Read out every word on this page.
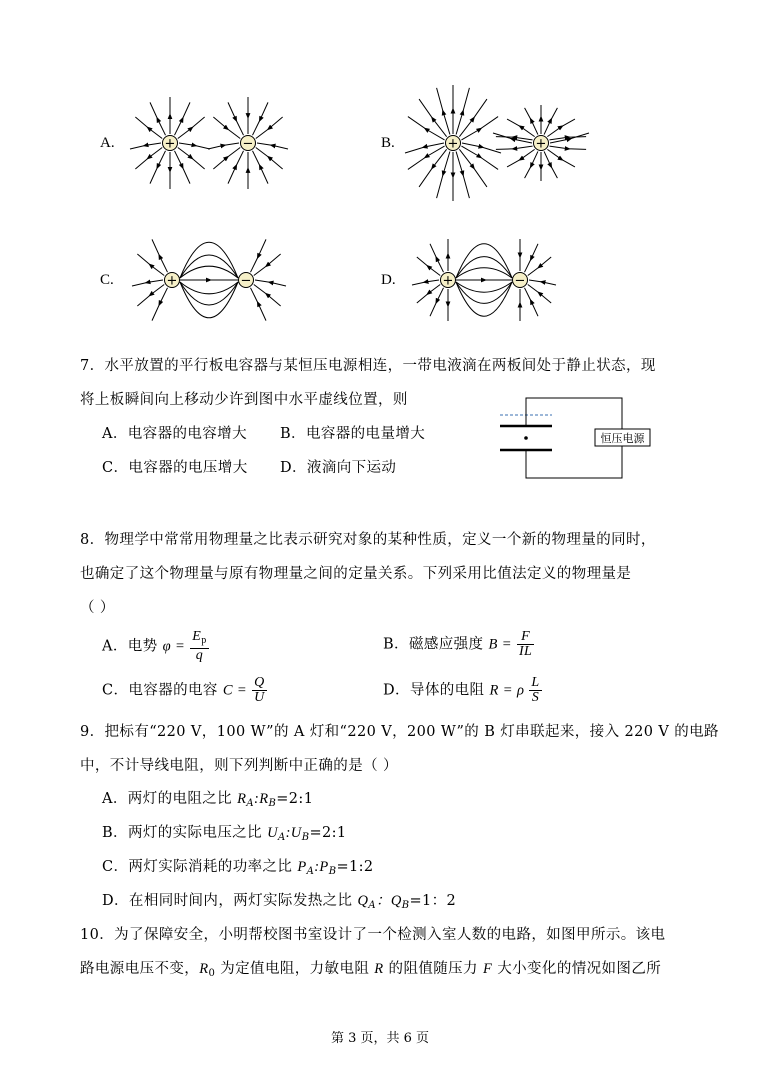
A.	B.
C.	D.
+	−	+	+
+	−	+	−
7．水平放置的平行板电容器与某恒压电源相连，一带电液滴在两板间处于静止状态，现
将上板瞬间向上移动少许到图中水平虚线位置，则
A．电容器的电容增大 B．电容器的电量增大
C．电容器的电压增大 D．液滴向下运动
恒压电源
8．物理学中常常用物理量之比表示研究对象的某种性质，定义一个新的物理量的同时，
也确定了这个物理量与原有物理量之间的定量关系。下列采用比值法定义的物理量是
（ ）
A．电势 $\varphi = \frac{E_p}{q}$	B．磁感应强度 $B = \frac{F}{IL}$
C．电容器的电容 $C = \frac{Q}{U}$	D．导体的电阻 R = ρ $\frac{L}{S}$
9．把标有“220 V，100 W”的 A 灯和“220 V，200 W”的 B 灯串联起来，接入 220 V 的电路
中，不计导线电阻，则下列判断中正确的是（ ）
A．两灯的电阻之比 $R_A:R_B=2:1$
B．两灯的实际电压之比 $U_A:U_B=2:1$
C．两灯实际消耗的功率之比 $P_A:P_B=1:2$
D．在相同时间内，两灯实际发热之比 $Q_A$：$Q_B=1$：2
10．为了保障安全，小明帮校图书室设计了一个检测入室人数的电路，如图甲所示。该电
路电源电压不变，$R_0$ 为定值电阻，力敏电阻 R 的阻值随压力 F 大小变化的情况如图乙所
第 3 页，共 6 页
